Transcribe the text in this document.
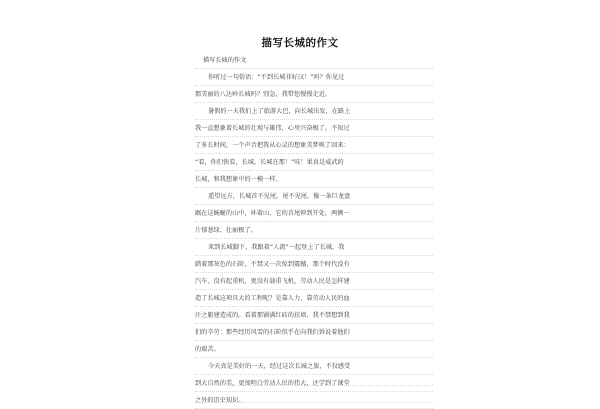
描写长城的作文
描写长城的作文
你听过一句俗语：“不到长城非好汉！”吗？你见过
那美丽的八达岭长城吗？别急，我带您慢慢走近。
暑假的一天我们上了旅游大巴，向长城出发，在路上
我一直想象着长城的壮观与雄伟，心里兴奋极了。不知过
了多长时间，一个声音把我从心灵的想象美梦唤了回来：
“看，你们快看，长城，长城在那！”哇！果真是威武的
长城，和我想象中的一模一样。
遥望远方，长城首不见尾，尾不见尾。像一条巨龙盘
踞在这蜿蜒的山中，环着山，它的首尾伸到开处，两侧一
片郁葱绿，壮丽极了。
来到长城脚下，我跟着“人流”一起登上了长城。我
踏着那灰色的石阶，不禁又一次惊到震撼，那个时代没有
汽车、没有起重机，更没有载重飞机，劳动人民是怎样建
造了长城这项具大的工程呢？是靠人力，靠劳动人民的血
汗之躯建造成的。看着那铺满红砖的扶墙，我不禁想到我
们的辛劳：那些经历风雪的石阶似乎在向我们诉说着他们
的艰苦。
今天真是美好的一天，经过这次长城之旅，不仅感受
到大自然的美，更加明白劳动人民的伟大，还学到了课堂
之外的历史知识。
